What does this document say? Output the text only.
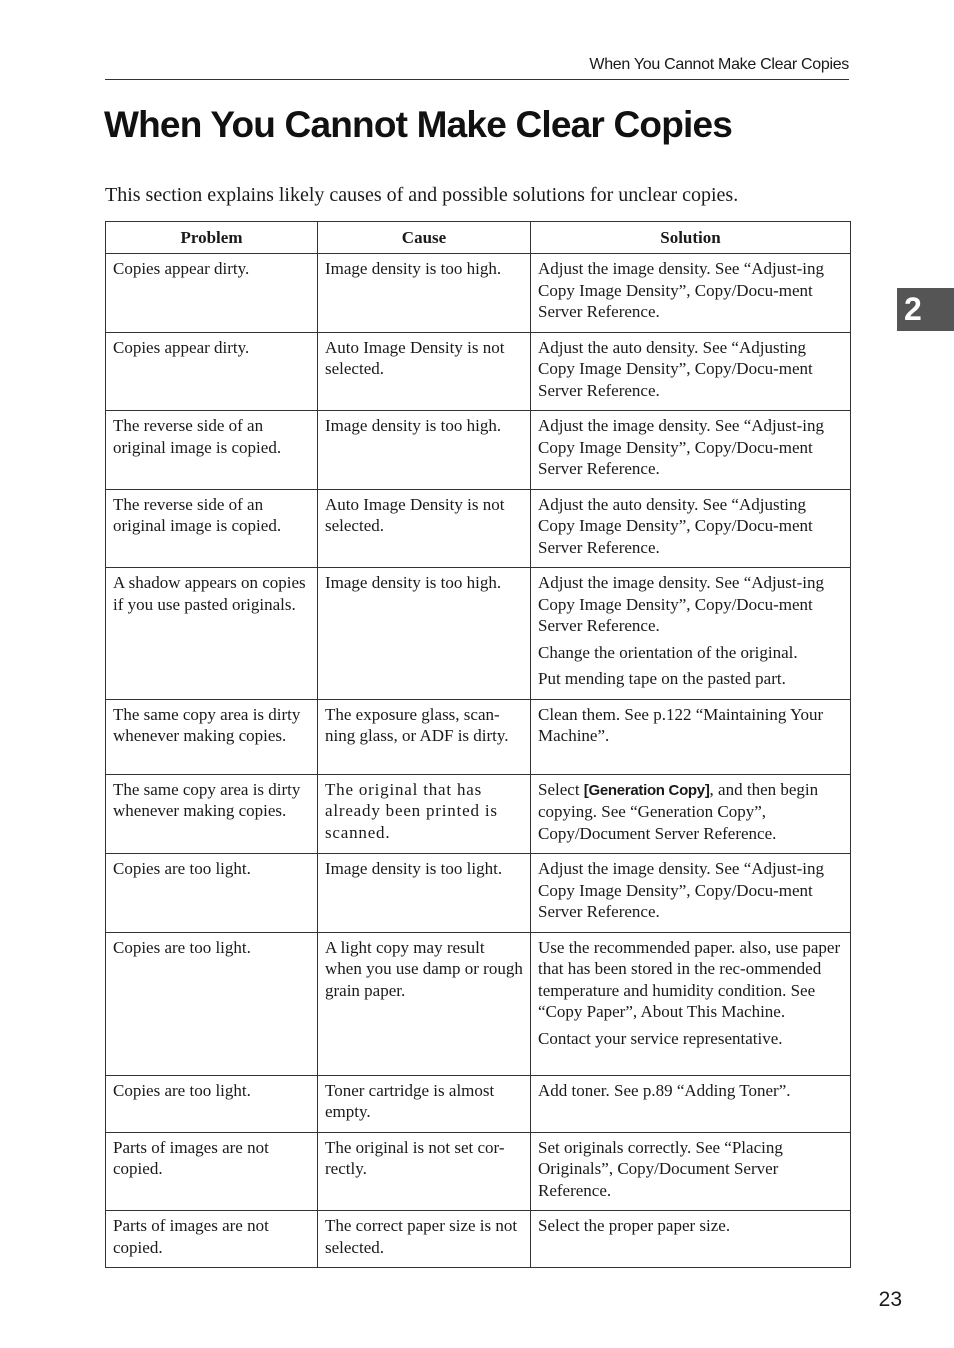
When You Cannot Make Clear Copies
When You Cannot Make Clear Copies

This section explains likely causes of and possible solutions for unclear copies.

2
Problem	Cause	Solution
Copies appear dirty.	Image density is too high.	Adjust the image density. See “Adjust-ing Copy Image Density”, Copy/Docu-ment Server Reference.

Copies appear dirty.	Auto Image Density is not selected.	Adjust the auto density. See “Adjusting Copy Image Density”, Copy/Docu-ment Server Reference.

The reverse side of an original image is copied.	Image density is too high.	Adjust the image density. See “Adjust-ing Copy Image Density”, Copy/Docu-ment Server Reference.

The reverse side of an original image is copied.	Auto Image Density is not selected.	Adjust the auto density. See “Adjusting Copy Image Density”, Copy/Docu-ment Server Reference.

A shadow appears on copies if you use pasted originals.	Image density is too high.	Adjust the image density. See “Adjust-ing Copy Image Density”, Copy/Docu-ment Server Reference.
Change the orientation of the original.
Put mending tape on the pasted part.

The same copy area is dirty whenever making copies.	The exposure glass, scan-ning glass, or ADF is dirty.	Clean them. See p.122 “Maintaining Your Machine”.

The same copy area is dirty whenever making copies.	The original that has already been printed is scanned.	Select [Generation Copy], and then begin copying. See “Generation Copy”, Copy/Document Server Reference.

Copies are too light.	Image density is too light.	Adjust the image density. See “Adjust-ing Copy Image Density”, Copy/Docu-ment Server Reference.

Copies are too light.	A light copy may result when you use damp or rough grain paper.	Use the recommended paper. also, use paper that has been stored in the rec-ommended temperature and humidity condition. See “Copy Paper”, About This Machine.
Contact your service representative.

Copies are too light.	Toner cartridge is almost empty.	Add toner. See p.89 “Adding Toner”.

Parts of images are not copied.	The original is not set cor-rectly.	Set originals correctly. See “Placing Originals”, Copy/Document Server Reference.

Parts of images are not copied.	The correct paper size is not selected.	Select the proper paper size.
23
